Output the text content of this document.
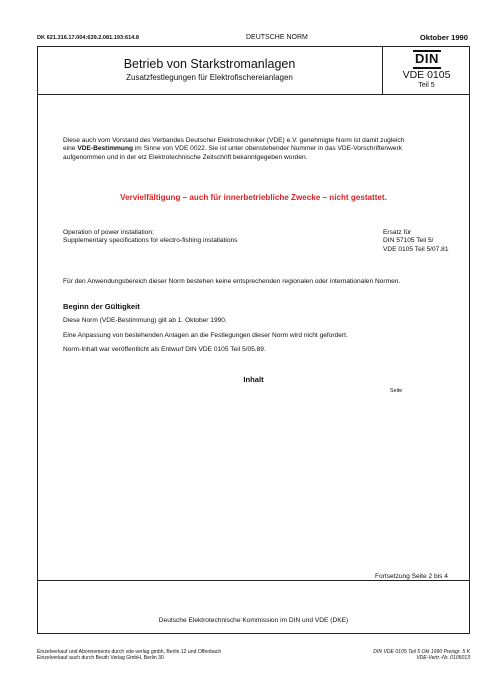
DK 621.316.17.004:639.2.081.193:614.8	DEUTSCHE NORM	Oktober 1990
Betrieb von Starkstromanlagen
Zusatzfestlegungen für Elektrofischereianlagen
DIN
VDE 0105
Teil 5
Diese auch vom Vorstand des Verbandes Deutscher Elektrotechniker (VDE) e.V. genehmigte Norm ist damit zugleich
eine VDE-Bestimmung im Sinne von VDE 0022. Sie ist unter obenstehender Nummer in das VDE-Vorschriftenwerk
aufgenommen und in der etz Elektrotechnische Zeitschrift bekanntgegeben worden.
Vervielfältigung – auch für innerbetriebliche Zwecke – nicht gestattet.
Operation of power installation;
Supplementary specifications for electro-fishing installations
Ersatz für
DIN 57105 Teil 5/
VDE 0105 Teil 5/07.81
Für den Anwendungsbereich dieser Norm bestehen keine entsprechenden regionalen oder internationalen Normen.
Beginn der Gültigkeit
Diese Norm (VDE-Bestimmung) gilt ab 1. Oktober 1990.
Eine Anpassung von bestehenden Anlagen an die Festlegungen dieser Norm wird nicht gefordert.
Norm-Inhalt war veröffentlicht als Entwurf DIN VDE 0105 Teil 5/05.89.
Inhalt
Seite
Fortsetzung Seite 2 bis 4
Deutsche Elektrotechnische Kommission im DIN und VDE (DKE)
Einzelverkauf und Abonnements durch vde-verlag gmbh, Berlin 12 und Offenbach
Einzelverkauf auch durch Beuth Verlag GmbH, Berlin 30
DIN VDE 0105 Teil 5 Okt 1990 Preisgr. 5 K
VDE-Vertr.-Nr. 0105013
